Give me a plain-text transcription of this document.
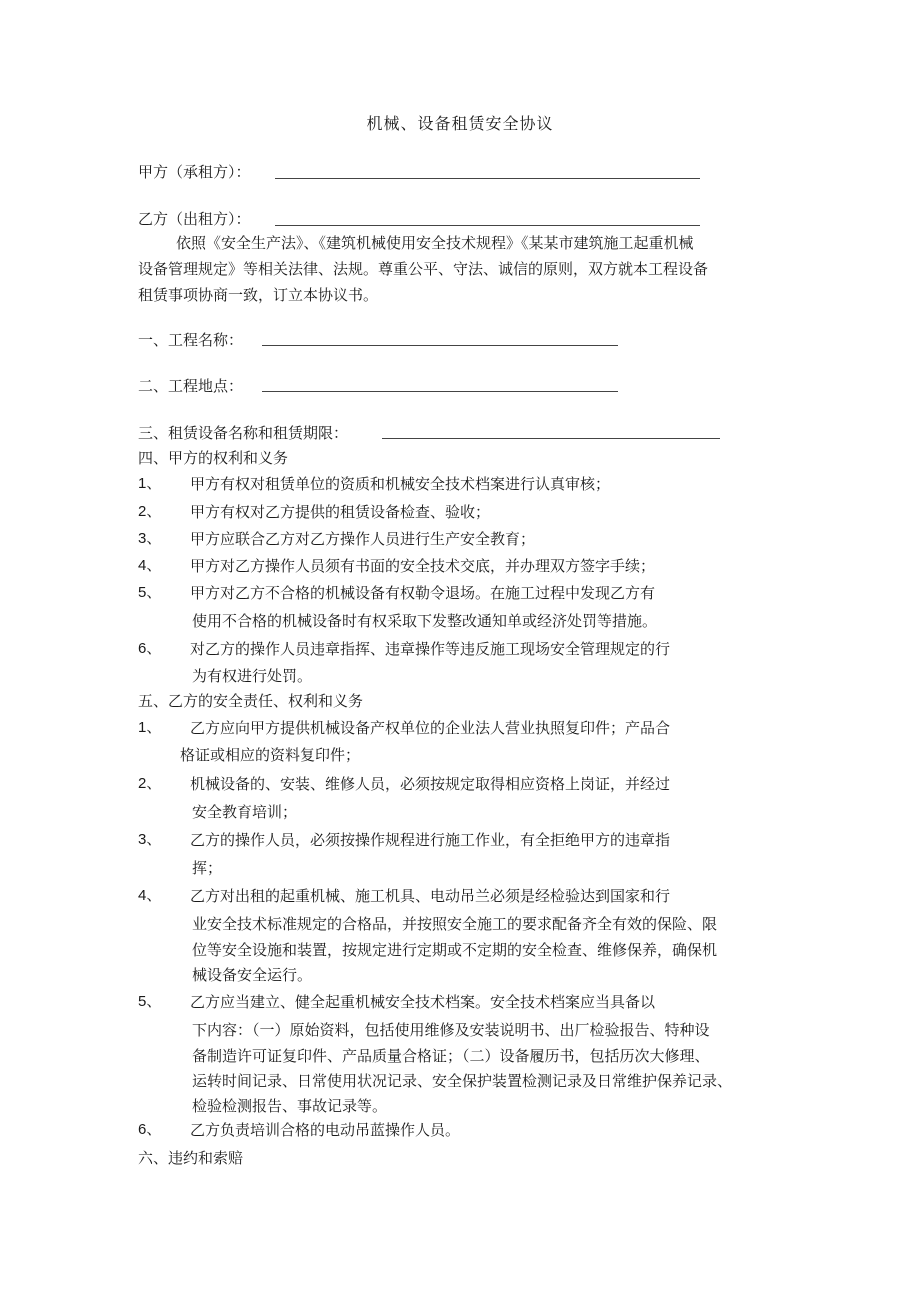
机械、设备租赁安全协议
甲方（承租方）：
乙方（出租方）：
依照《安全生产法》、《建筑机械使用安全技术规程》《某某市建筑施工起重机械
设备管理规定》等相关法律、法规。尊重公平、守法、诚信的原则，双方就本工程设备
租赁事项协商一致，订立本协议书。
一、工程名称：
二、工程地点：
三、租赁设备名称和租赁期限：
四、甲方的权利和义务
1、 甲方有权对租赁单位的资质和机械安全技术档案进行认真审核；
2、 甲方有权对乙方提供的租赁设备检查、验收；
3、 甲方应联合乙方对乙方操作人员进行生产安全教育；
4、 甲方对乙方操作人员须有书面的安全技术交底，并办理双方签字手续；
5、 甲方对乙方不合格的机械设备有权勒令退场。在施工过程中发现乙方有
使用不合格的机械设备时有权采取下发整改通知单或经济处罚等措施。
6、 对乙方的操作人员违章指挥、违章操作等违反施工现场安全管理规定的行
为有权进行处罚。
五、乙方的安全责任、权利和义务
1、 乙方应向甲方提供机械设备产权单位的企业法人营业执照复印件；产品合
格证或相应的资料复印件；
2、 机械设备的、安装、维修人员，必须按规定取得相应资格上岗证，并经过
安全教育培训；
3、 乙方的操作人员，必须按操作规程进行施工作业，有全拒绝甲方的违章指
挥；
4、 乙方对出租的起重机械、施工机具、电动吊兰必须是经检验达到国家和行
业安全技术标准规定的合格品，并按照安全施工的要求配备齐全有效的保险、限
位等安全设施和装置，按规定进行定期或不定期的安全检查、维修保养，确保机
械设备安全运行。
5、 乙方应当建立、健全起重机械安全技术档案。安全技术档案应当具备以
下内容：（一）原始资料，包括使用维修及安装说明书、出厂检验报告、特种设
备制造许可证复印件、产品质量合格证；（二）设备履历书，包括历次大修理、
运转时间记录、日常使用状况记录、安全保护装置检测记录及日常维护保养记录、
检验检测报告、事故记录等。
6、 乙方负责培训合格的电动吊蓝操作人员。
六、违约和索赔
